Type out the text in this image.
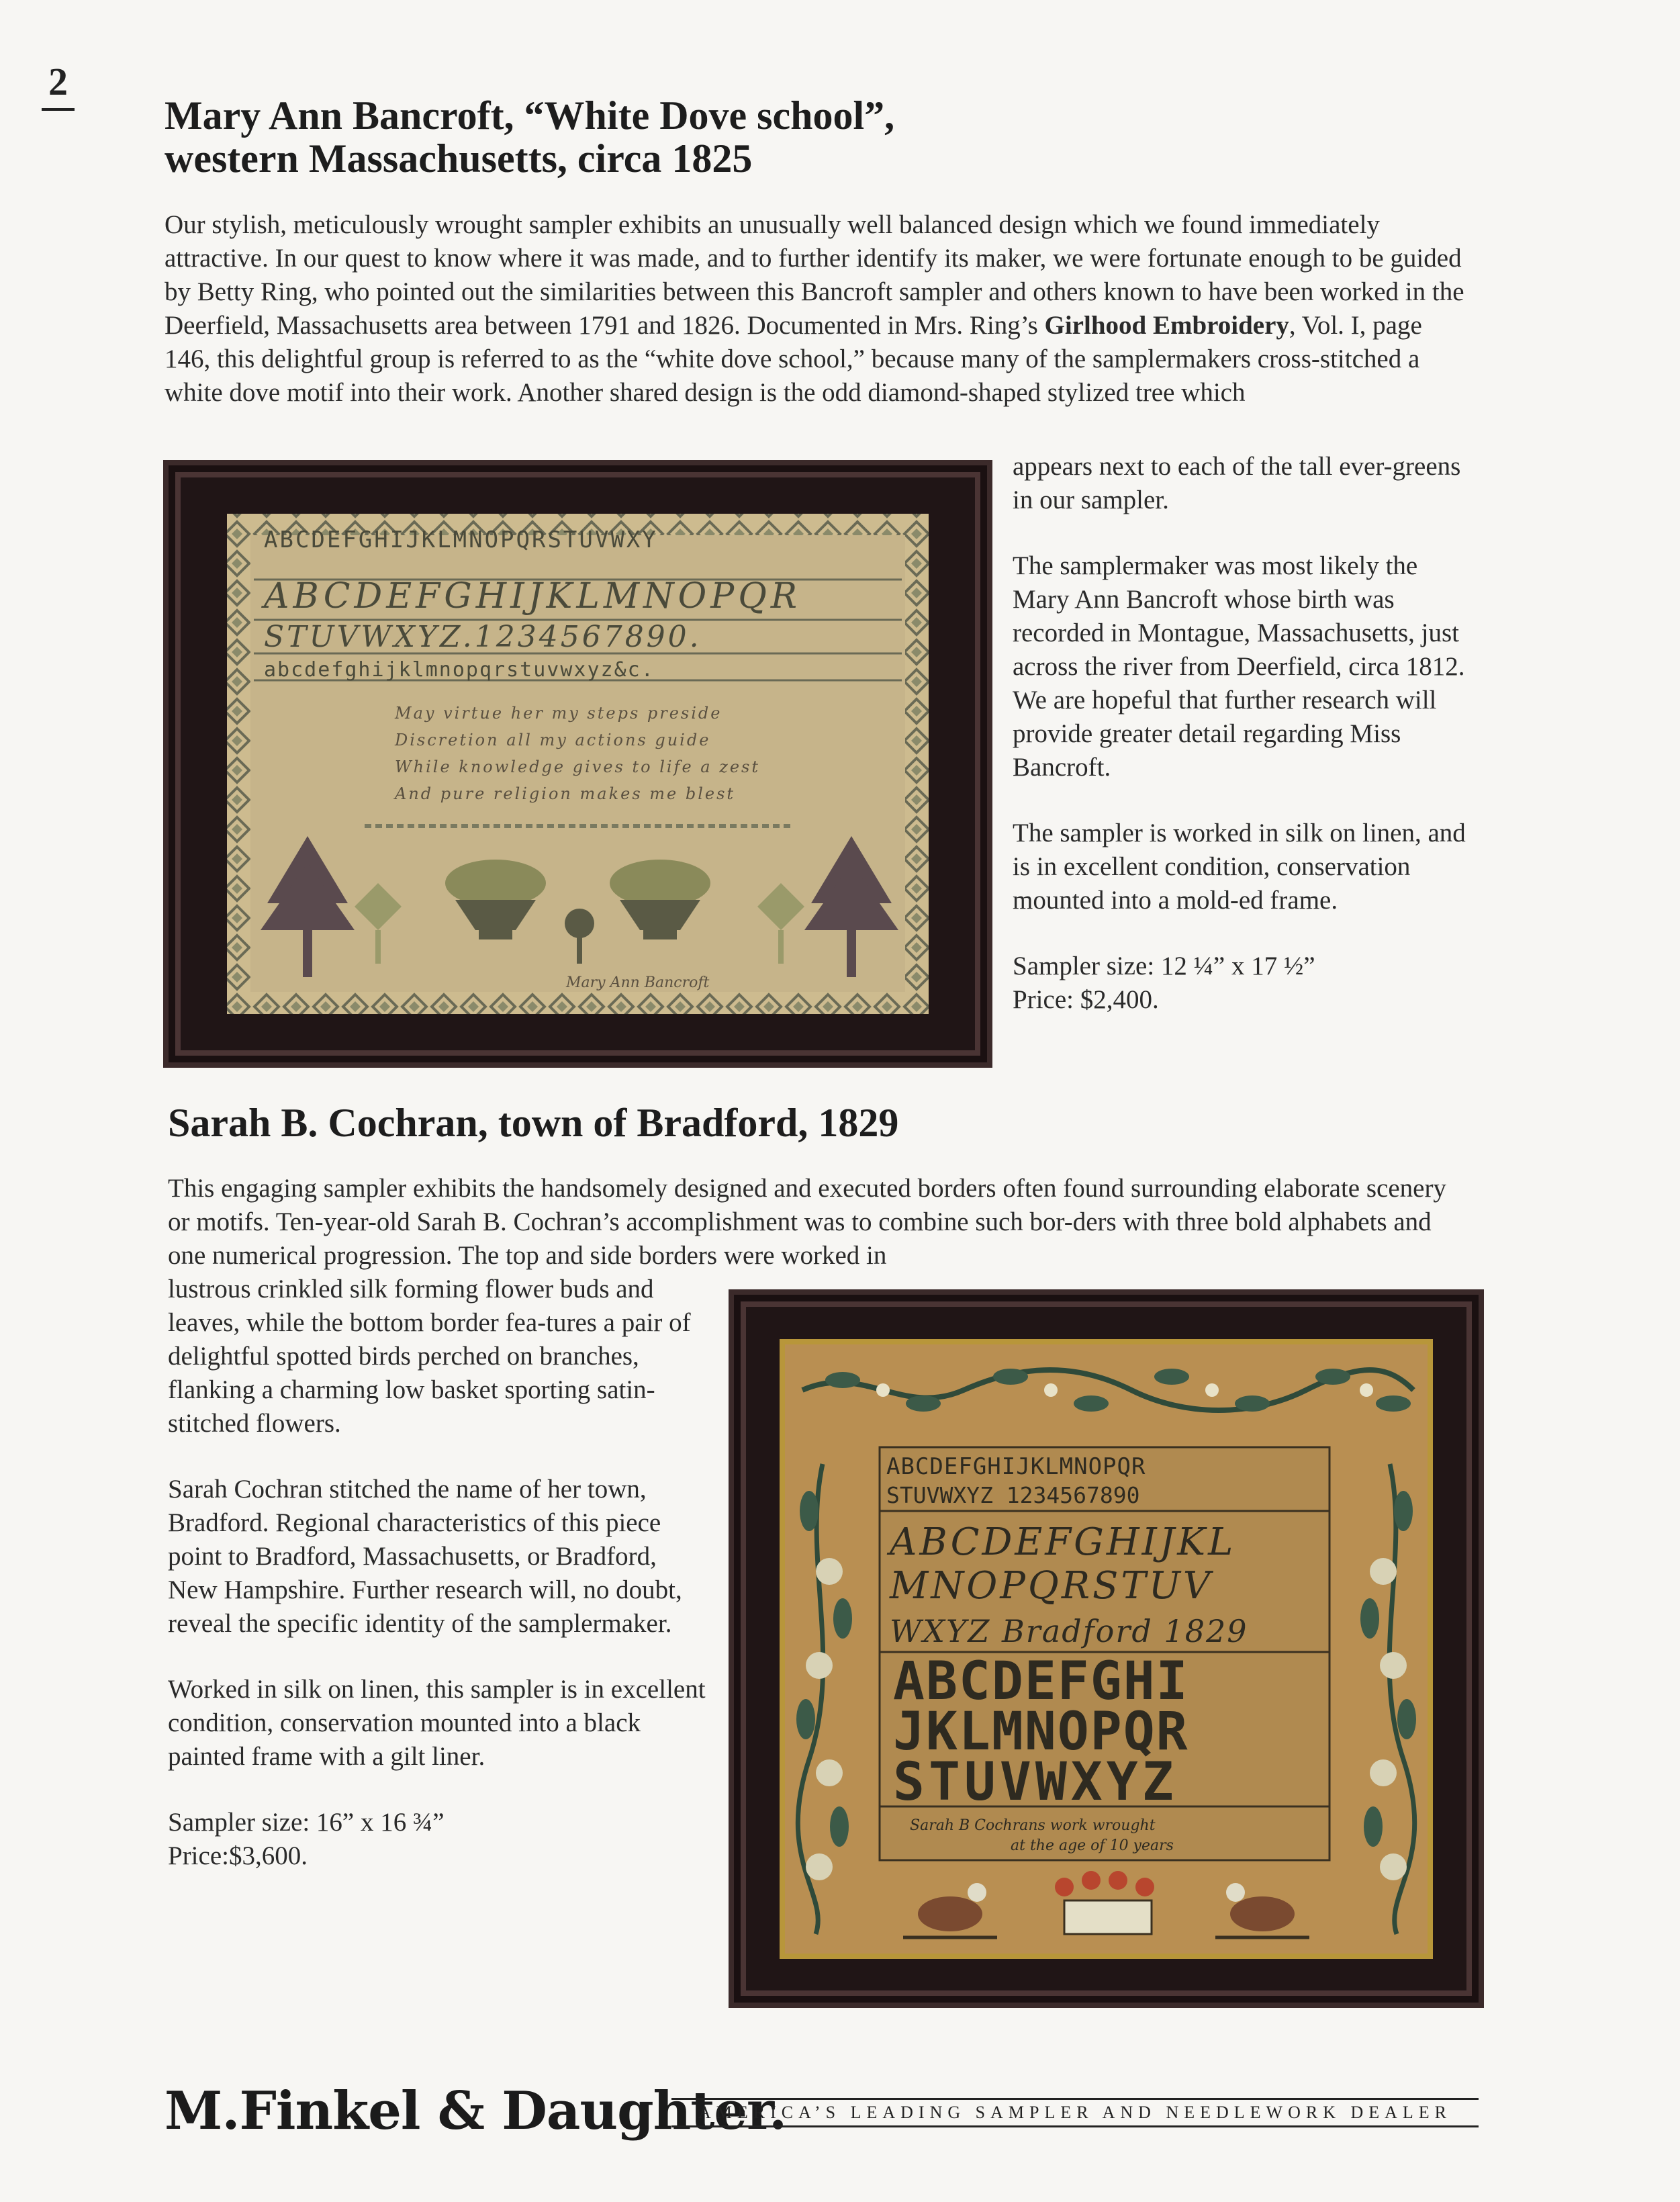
2
Mary Ann Bancroft, “White Dove school”,
western Massachusetts, circa 1825
Our stylish, meticulously wrought sampler exhibits an unusually well balanced design which we found immediately attractive. In our quest to know where it was made, and to further identify its maker, we were fortunate enough to be guided by Betty Ring, who pointed out the similarities between this Bancroft sampler and others known to have been worked in the Deerfield, Massachusetts area between 1791 and 1826. Documented in Mrs. Ring’s Girlhood Embroidery, Vol. I, page 146, this delightful group is referred to as the “white dove school,” because many of the samplermakers cross-stitched a white dove motif into their work. Another shared design is the odd diamond-shaped stylized tree which
ABCDEFGHIJKLMNOPQRSTUVWXY
ABCDEFGHIJKLMNOPQR
STUVWXYZ.1234567890.
abcdefghijklmnopqrstuvwxyz&c.
May virtue her my steps preside
Discretion all my actions guide
While knowledge gives to life a zest
And pure religion makes me blest
Mary Ann Bancroft

appears next to each of the tall ever-greens in our sampler.

The samplermaker was most likely the Mary Ann Bancroft whose birth was recorded in Montague, Massachusetts, just across the river from Deerfield, circa 1812. We are hopeful that further research will provide greater detail regarding Miss Bancroft.

The sampler is worked in silk on linen, and is in excellent condition, conservation mounted into a mold-ed frame.

Sampler size: 12 ¼” x 17 ½”
Price: $2,400.
Sarah B. Cochran, town of Bradford, 1829
This engaging sampler exhibits the handsomely designed and executed borders often found surrounding elaborate scenery or motifs. Ten-year-old Sarah B. Cochran’s accomplishment was to combine such bor-ders with three bold alphabets and one numerical progression. The top and side borders were worked in

lustrous crinkled silk forming flower buds and leaves, while the bottom border fea-tures a pair of delightful spotted birds perched on branches, flanking a charming low basket sporting satin-stitched flowers.

Sarah Cochran stitched the name of her town, Bradford. Regional characteristics of this piece point to Bradford, Massachusetts, or Bradford, New Hampshire. Further research will, no doubt, reveal the specific identity of the samplermaker.

Worked in silk on linen, this sampler is in excellent condition, conservation mounted into a black painted frame with a gilt liner.

Sampler size: 16” x 16 ¾”
Price:$3,600.
ABCDEFGHIJKLMNOPQR
STUVWXYZ 1234567890
ABCDEFGHIJKL
MNOPQRSTUV
WXYZ Bradford 1829
ABCDEFGHI
JKLMNOPQR
STUVWXYZ
Sarah B Cochrans work wrought
at the age of 10 years
M.Finkel & Daughter.
AMERICA’S LEADING SAMPLER AND NEEDLEWORK DEALER
